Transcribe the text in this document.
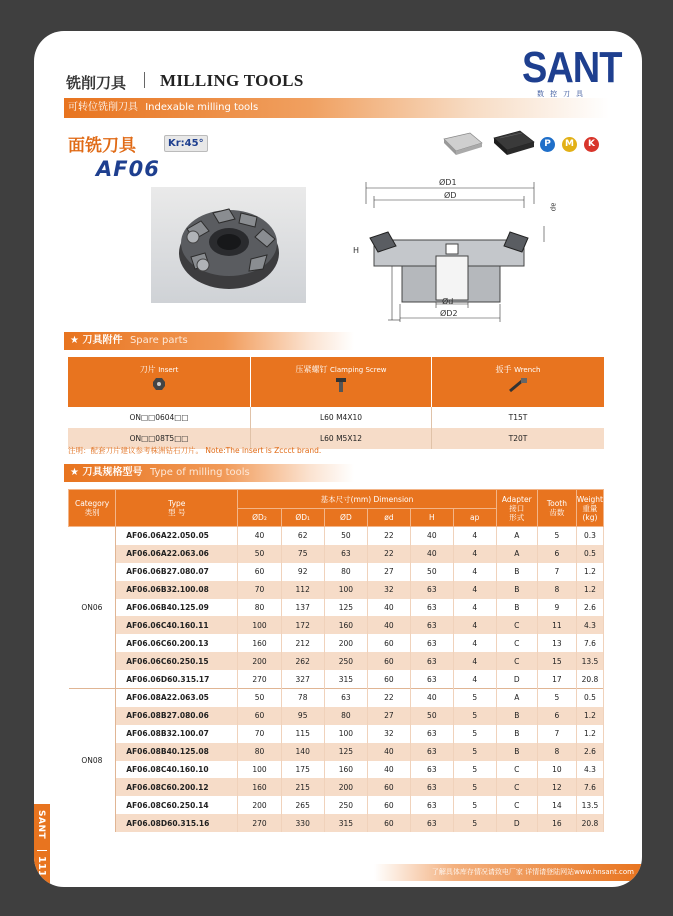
铣削刀具 MILLING TOOLS	SANT
数控刀具
可转位铣削刀具 Indexable milling tools
面铣刀具	Kr:45°
AF06
P	M	K
ØD1
ØD
ap
H
Ød
ØD2
★ 刀具附件 Spare parts
刀片 Insert	压紧螺钉 Clamping Screw	扳手 Wrench

ON□□0604□□	L60 M4X10	T15T
ON□□08T5□□	L60 M5X12	T20T
注明：配套刀片建议参考株洲钻石刀片。 Note:The insert is Zccct brand.
★ 刀具规格型号 Type of milling tools
Category
类别	Type
型 号	基本尺寸(mm) Dimension						Adapter
接口
形式	Tooth
齿数	Weight
重量
(kg)
		ØD₂	ØD₁	ØD	ød	H	ap			
ON06	AF06.06A22.050.05	40	62	50	22	40	4	A	5	0.3
	AF06.06A22.063.06	50	75	63	22	40	4	A	6	0.5
	AF06.06B27.080.07	60	92	80	27	50	4	B	7	1.2
	AF06.06B32.100.08	70	112	100	32	63	4	B	8	1.2
	AF06.06B40.125.09	80	137	125	40	63	4	B	9	2.6
	AF06.06C40.160.11	100	172	160	40	63	4	C	11	4.3
	AF06.06C60.200.13	160	212	200	60	63	4	C	13	7.6
	AF06.06C60.250.15	200	262	250	60	63	4	C	15	13.5
	AF06.06D60.315.17	270	327	315	60	63	4	D	17	20.8
ON08	AF06.08A22.063.05	50	78	63	22	40	5	A	5	0.5
	AF06.08B27.080.06	60	95	80	27	50	5	B	6	1.2
	AF06.08B32.100.07	70	115	100	32	63	5	B	7	1.2
	AF06.08B40.125.08	80	140	125	40	63	5	B	8	2.6
	AF06.08C40.160.10	100	175	160	40	63	5	C	10	4.3
	AF06.08C60.200.12	160	215	200	60	63	5	C	12	7.6
	AF06.08C60.250.14	200	265	250	60	63	5	C	14	13.5
	AF06.08D60.315.16	270	330	315	60	63	5	D	16	20.8
了解具体库存情况请致电厂家 详情请登陆网站www.hnsant.com
SANT
111
